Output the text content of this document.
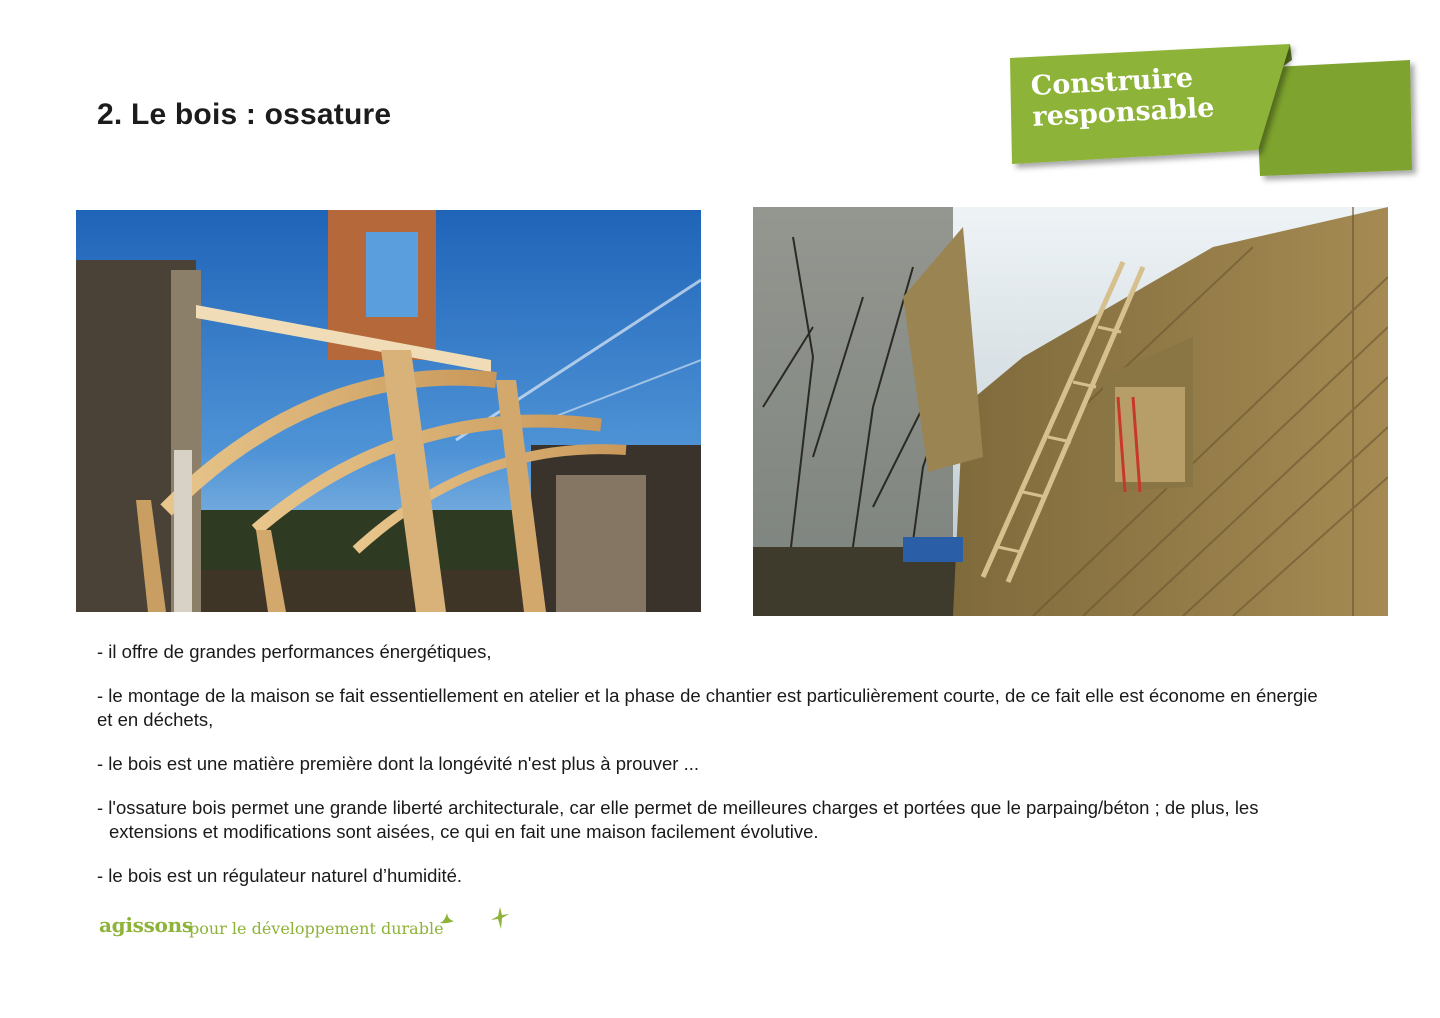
2. Le bois : ossature
Construire
responsable

- il offre de grandes performances énergétiques,

- le montage de la maison se fait essentiellement en atelier et la phase de chantier est particulièrement courte, de ce fait elle est économe en énergie et en déchets,

- le bois est une matière première dont la longévité n'est plus à prouver ...

- l'ossature bois permet une grande liberté architecturale, car elle permet de meilleures charges et portées que le parpaing/béton ; de plus, les extensions et modifications sont aisées, ce qui en fait une maison facilement évolutive.

- le bois est un régulateur naturel d’humidité.

agissons
pour le développement durable
